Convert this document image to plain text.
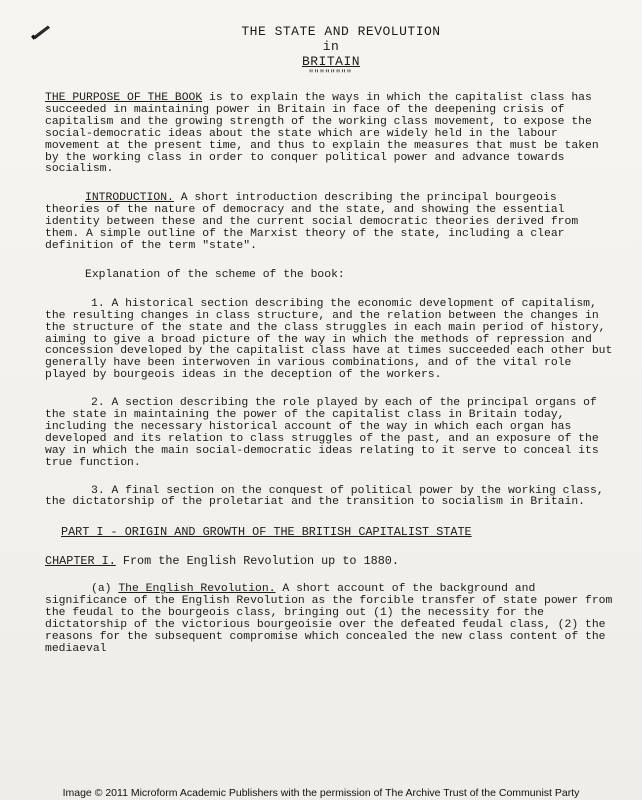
THE STATE AND REVOLUTION
in
BRITAIN
""""""""

THE PURPOSE OF THE BOOK is to explain the ways in which the capitalist class has succeeded in maintaining power in Britain in face of the deepening crisis of capitalism and the growing strength of the working class movement, to expose the social-democratic ideas about the state which are widely held in the labour movement at the present time, and thus to explain the measures that must be taken by the working class in order to conquer political power and advance towards socialism.

INTRODUCTION. A short introduction describing the principal bourgeois theories of the nature of democracy and the state, and showing the essential identity between these and the current social democratic theories derived from them. A simple outline of the Marxist theory of the state, including a clear definition of the term "state".

Explanation of the scheme of the book:

1. A historical section describing the economic development of capitalism, the resulting changes in class structure, and the relation between the changes in the structure of the state and the class struggles in each main period of history, aiming to give a broad picture of the way in which the methods of repression and concession developed by the capitalist class have at times succeeded each other but generally have been interwoven in various combinations, and of the vital role played by bourgeois ideas in the deception of the workers.

2. A section describing the role played by each of the principal organs of the state in maintaining the power of the capitalist class in Britain today, including the necessary historical account of the way in which each organ has developed and its relation to class struggles of the past, and an exposure of the way in which the main social-democratic ideas relating to it serve to conceal its true function.

3. A final section on the conquest of political power by the working class, the dictatorship of the proletariat and the transition to socialism in Britain.

PART I - ORIGIN AND GROWTH OF THE BRITISH CAPITALIST STATE

CHAPTER I. From the English Revolution up to 1880.

(a) The English Revolution. A short account of the background and significance of the English Revolution as the forcible transfer of state power from the feudal to the bourgeois class, bringing out (1) the necessity for the dictatorship of the victorious bourgeoisie over the defeated feudal class, (2) the reasons for the subsequent compromise which concealed the new class content of the mediaeval

Image © 2011 Microform Academic Publishers with the permission of The Archive Trust of the Communist Party
